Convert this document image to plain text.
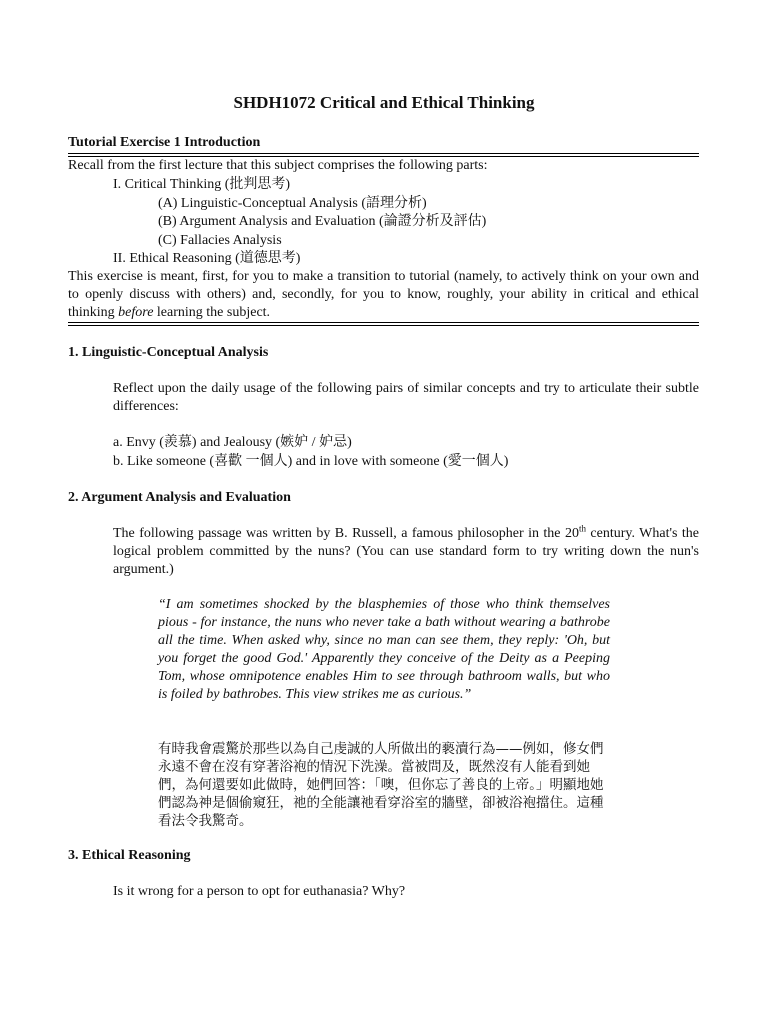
SHDH1072 Critical and Ethical Thinking
Tutorial Exercise 1 Introduction
Recall from the first lecture that this subject comprises the following parts:
I. Critical Thinking (批判思考)
(A) Linguistic-Conceptual Analysis (語理分析)
(B) Argument Analysis and Evaluation (論證分析及評估)
(C) Fallacies Analysis
II. Ethical Reasoning (道德思考)
This exercise is meant, first, for you to make a transition to tutorial (namely, to actively think on your own and to openly discuss with others) and, secondly, for you to know, roughly, your ability in critical and ethical thinking before learning the subject.
1. Linguistic-Conceptual Analysis
Reflect upon the daily usage of the following pairs of similar concepts and try to articulate their subtle differences:
a. Envy (羨慕) and Jealousy (嫉妒 / 妒忌)
b. Like someone (喜歡 一個人) and in love with someone (愛一個人)
2. Argument Analysis and Evaluation
The following passage was written by B. Russell, a famous philosopher in the 20th century. What's the logical problem committed by the nuns? (You can use standard form to try writing down the nun's argument.)
“I am sometimes shocked by the blasphemies of those who think themselves pious - for instance, the nuns who never take a bath without wearing a bathrobe all the time. When asked why, since no man can see them, they reply: 'Oh, but you forget the good God.' Apparently they conceive of the Deity as a Peeping Tom, whose omnipotence enables Him to see through bathroom walls, but who is foiled by bathrobes. This view strikes me as curious.”
有時我會震驚於那些以為自己虔誠的人所做出的褻瀆行為——例如，修女們永遠不會在沒有穿著浴袍的情況下洗澡。當被問及，既然沒有人能看到她們，為何還要如此做時，她們回答：「噢，但你忘了善良的上帝。」明顯地她們認為神是個偷窺狂，祂的全能讓祂看穿浴室的牆壁，卻被浴袍擋住。這種看法令我驚奇。
3. Ethical Reasoning
Is it wrong for a person to opt for euthanasia? Why?
